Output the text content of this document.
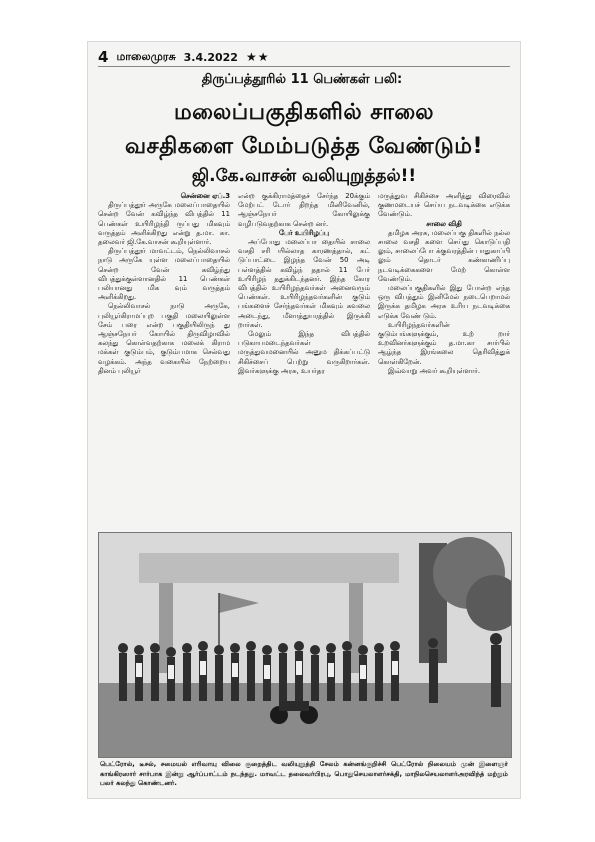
4 மாலைமுரசு 3.4.2022 ★★
திருப்பத்தூரில் 11 பெண்கள் பலி:
மலைப்பகுதிகளில் சாலை
வசதிகளை மேம்படுத்த வேண்டும்!
ஜி.கே.வாசன் வலியுறுத்தல்!!

சென்னை ஏப்.3

திருப்பத்தூர் அருகே மலைப்பாதையில் சென்ற வேன் கவிழ்ந்த விபத்தில் 11 பெண்கள் உயிரிழந்தி ருப்பது மிகவும் வருத்தம் அளிக்கிறது என்று த.மா. கா. தலைவர் ஜி.கே.வாசன் கூறியுள்ளார்.

திருப்பத்தூர் மாவட்டம், நெல்லிவாசல் நாடு அருகே யுள்ள மலைப்பாதையில் சென்ற வேன் கவிழ்ந்து விபத்துக்குள்ளானதில் 11 பெண்கள் பலியானது மிக வும் வருத்தம் அளிக்கிறது.

நெல்லிவாசல் நாடு அருகே, புலியூர்கிராமப்புற பகுதி மலையிலுள்ள சேம் பரை என்ற பகுதியிலிருந் து ஆஞ்சநேயர் கோயில் திருவிழாவில் கலந்து கொள்வதற்காக மலைக் கிராம மக்கள் குடும்பம், குடும்பமாக செல்வது வழக்கம். அந்த வகையில் நேற்றைய தினம் புலியூர்

என்ற குக்கிராமத்தைச் சேர்ந்த 20க்கும் மேற்பட் டோர் திறந்த மினிவேனில், ஆஞ்சநேயர் கோயிலுக்கு வழிபடுவதற்காக சென்ற னர்.

பேர் உயிரிழப்பு

அப்போது மலைப்பா தையில் சாலை வசதி சரி யில்லாத காரணத்தால், கட் டுப்பாட்டை இழந்த வேன் 50 அடி பள்ளத்தில் கவிழ்ந் ததால் 11 பேர் உயிரிழந் ததுக்கிடந்தனர். இந்த கோர விபத்தில் உயிரிழந்தவர்கள் அனைவரும் பெண்கள். உயிரிழந்தவர்களின் குடும் பங்களைச் சேர்ந்தவர்கள் மிகவும் கவலை அடைந்து, மீளாத்துயரத்தில் இருக்கி றார்கள்.

மேலும் இந்த விபத்தில் படுகாயமடைந்தவர்கள் மருத்துவமனையில் அனும திக்கப்பட்டு சிகிச்சைப் பெற்று வருகிறார்கள். இவர்களுக்கு அரசு, உயர்தர

மருத்துவ சிகிச்சை அளித்து விரைவில் குணமடையச் செய்ய நடவடிக்கை எடுக்க வேண்டும்.

சாலை விதி

தமிழக அரசு, மலைப்பகு திகளில் நல்ல சாலை வசதி களை செய்து கொடுப்பதி லும், சாலைப்போ க்குவரத்தின் பாதுகாப்பி லும் தொடர் கண்காணிப்பு நடவடிக்கைகளை மேற் கொள்ள வேண்டும்.

மலைப்பகுதிகளில் இது போன்ற எந்த ஒரு விபத்தும் இனிமேல் நடைபெறாமல் இருக்க தமிழக அரசு உரிய நடவடிக்கை எடுக்க வேண் டும்.

உயிரிழந்தவர்களின் குடும்பங்களுக்கும், உற் றார் உறவினர்களுக்கும் த.மா.கா சார்பில் ஆழ்ந்த இரங்கலை தெரிவித்துக் கொள்கிறேன்.

இவ்வாறு அவர் கூறியுள்ளார்.

பெட்ரோல், டீசல், சமையல் எரிவாயு விலை குறைத்திட வலியுறுத்தி சேலம் கன்னங்குறிச்சி பெட்ரோல் நிலையம் முன் இளைஞர் காங்கிரஸார் சார்பாக இன்று ஆர்ப்பாட்டம் நடந்தது. மாவட்ட தலைவர்பிரபு, பொதுசெயலாளர்சக்தி, மாநிலசெயலாளர்அரவிந்த் மற்றும் பலர் கலந்து கொண்டனர்.
